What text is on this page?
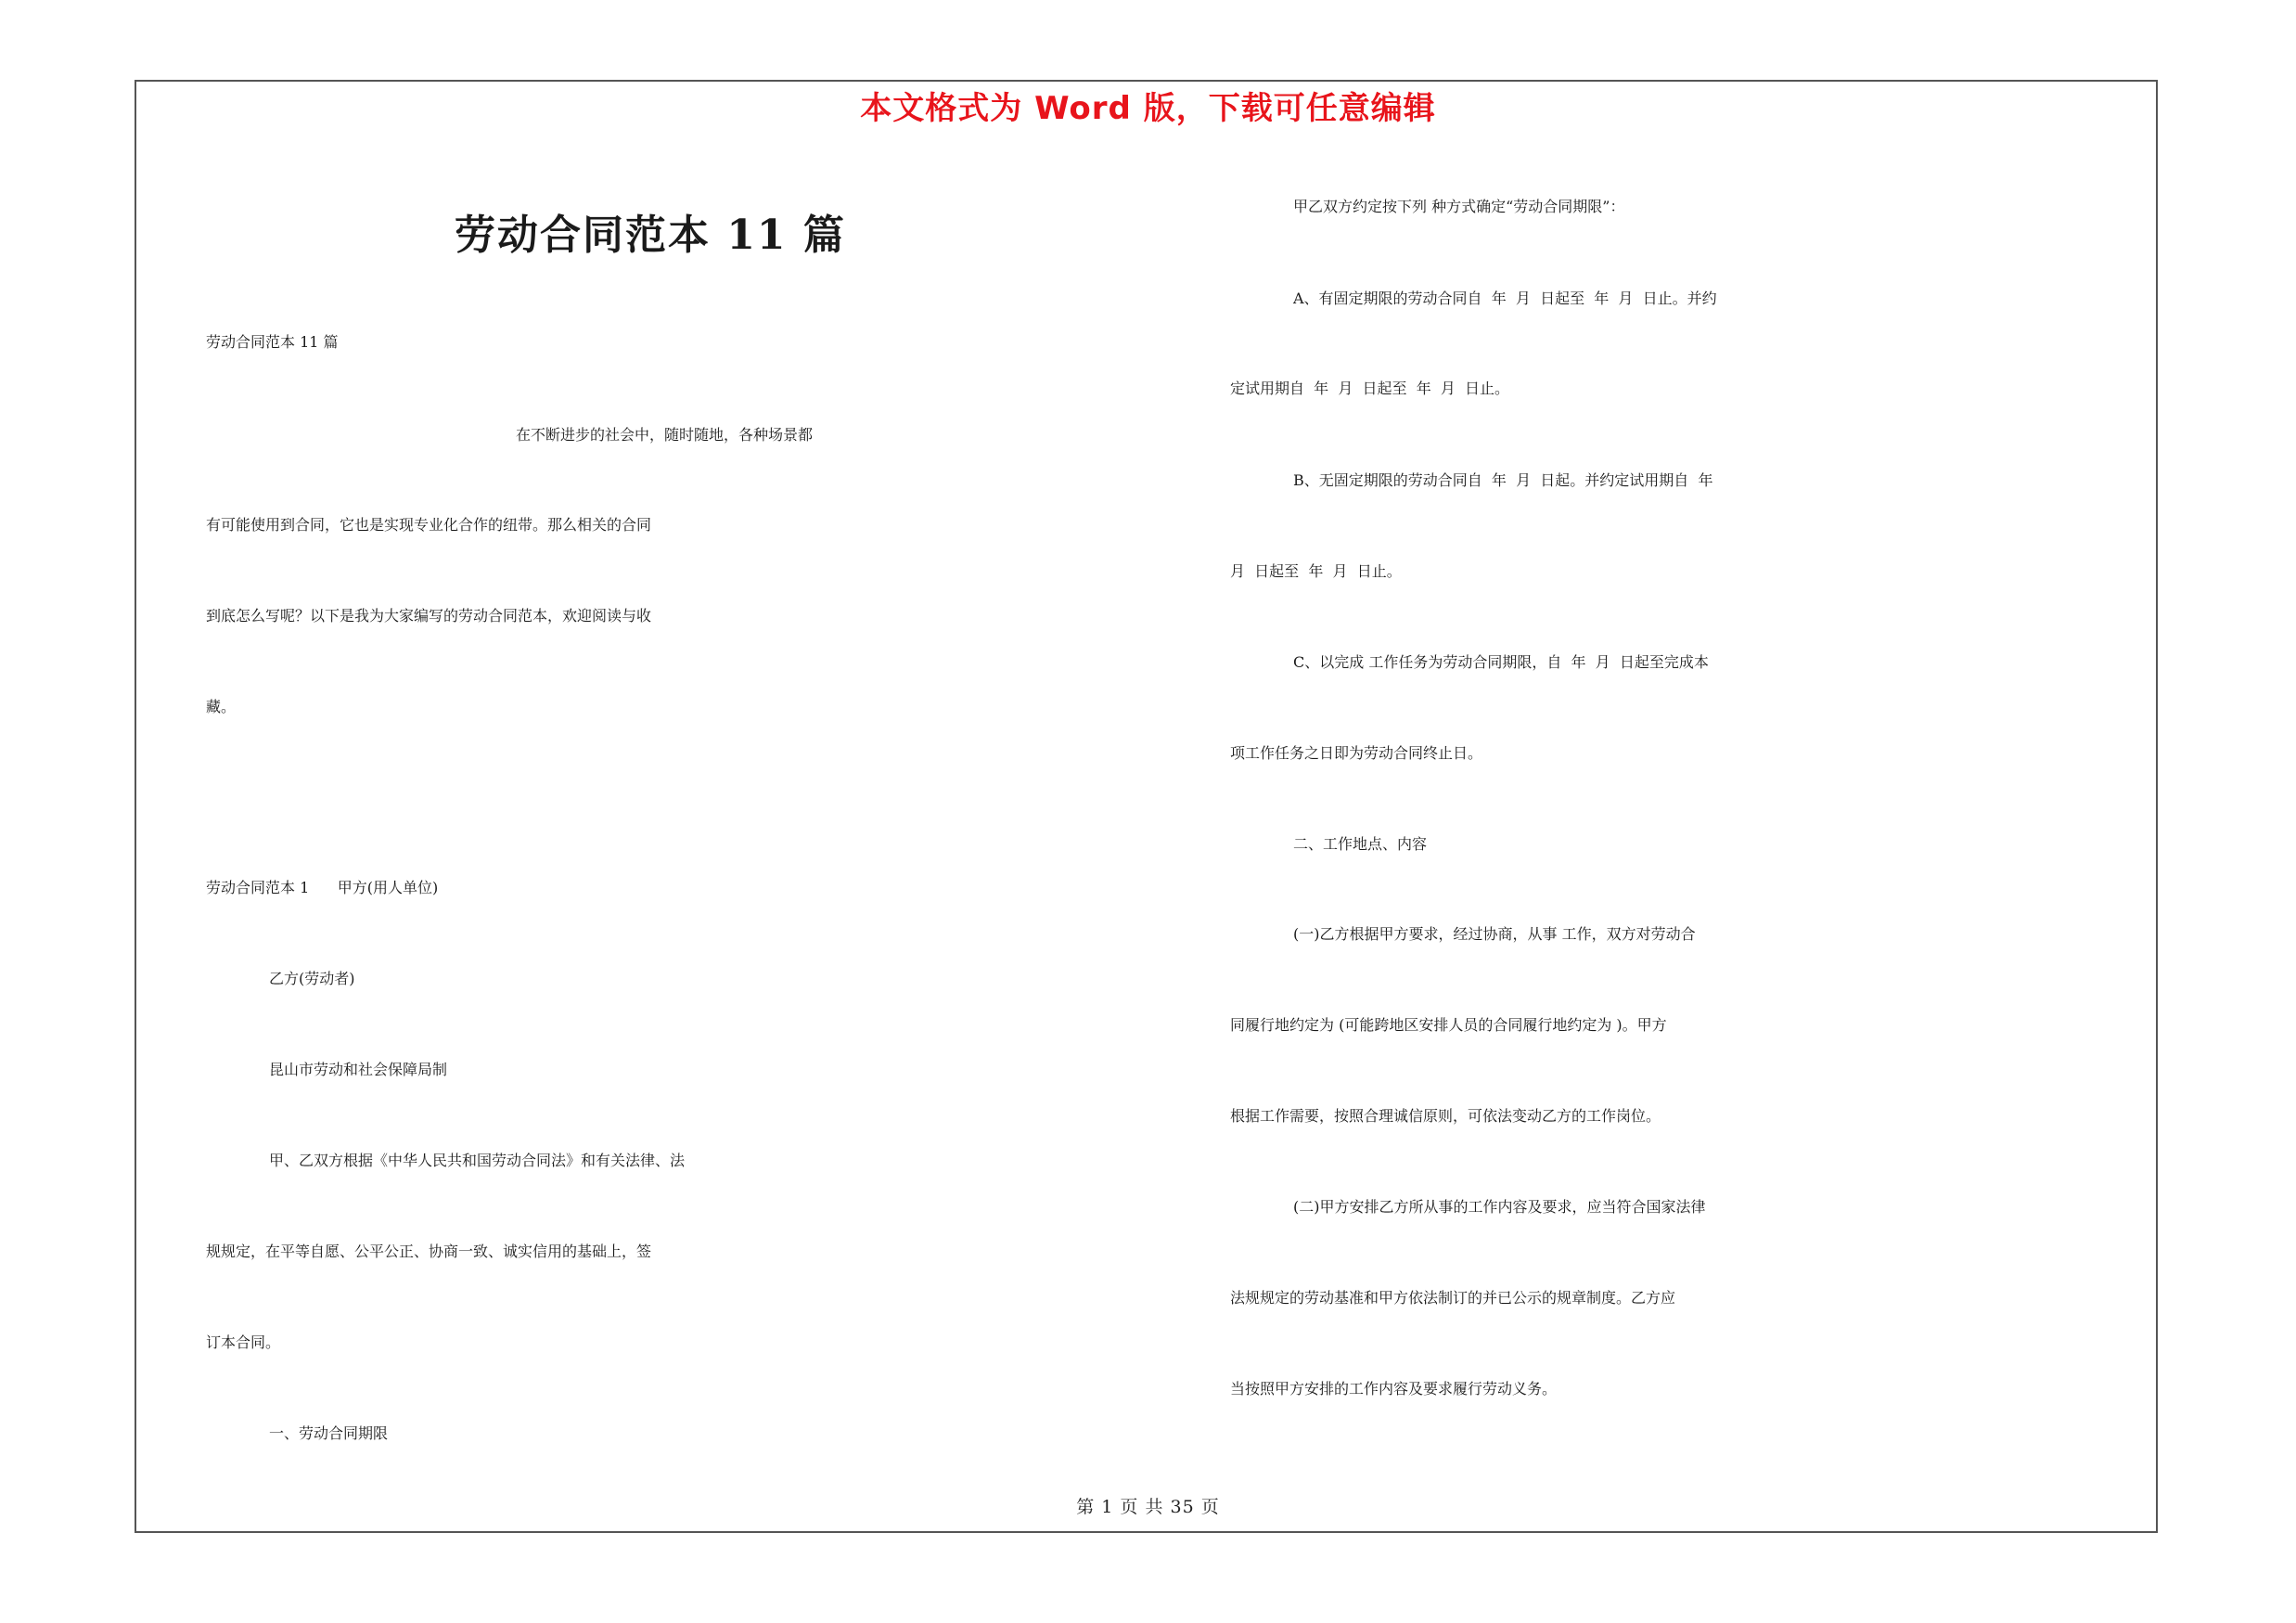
本文格式为 Word 版，下载可任意编辑
劳动合同范本 11 篇
劳动合同范本 11 篇
在不断进步的社会中，随时随地，各种场景都
有可能使用到合同，它也是实现专业化合作的纽带。那么相关的合同
到底怎么写呢？以下是我为大家编写的劳动合同范本，欢迎阅读与收
藏。
劳动合同范本 1      甲方(用人单位)
乙方(劳动者)
昆山市劳动和社会保障局制
甲、乙双方根据《中华人民共和国劳动合同法》和有关法律、法
规规定，在平等自愿、公平公正、协商一致、诚实信用的基础上，签
订本合同。
一、劳动合同期限
甲乙双方约定按下列 种方式确定“劳动合同期限”：
A、有固定期限的劳动合同自  年  月  日起至  年  月  日止。并约
定试用期自  年  月  日起至  年  月  日止。
B、无固定期限的劳动合同自  年  月  日起。并约定试用期自  年
月  日起至  年  月  日止。
C、以完成 工作任务为劳动合同期限，自  年  月  日起至完成本
项工作任务之日即为劳动合同终止日。
二、工作地点、内容
(一)乙方根据甲方要求，经过协商，从事 工作，双方对劳动合
同履行地约定为 (可能跨地区安排人员的合同履行地约定为 )。甲方
根据工作需要，按照合理诚信原则，可依法变动乙方的工作岗位。
(二)甲方安排乙方所从事的工作内容及要求，应当符合国家法律
法规规定的劳动基准和甲方依法制订的并已公示的规章制度。乙方应
当按照甲方安排的工作内容及要求履行劳动义务。
第 1 页 共 35 页
